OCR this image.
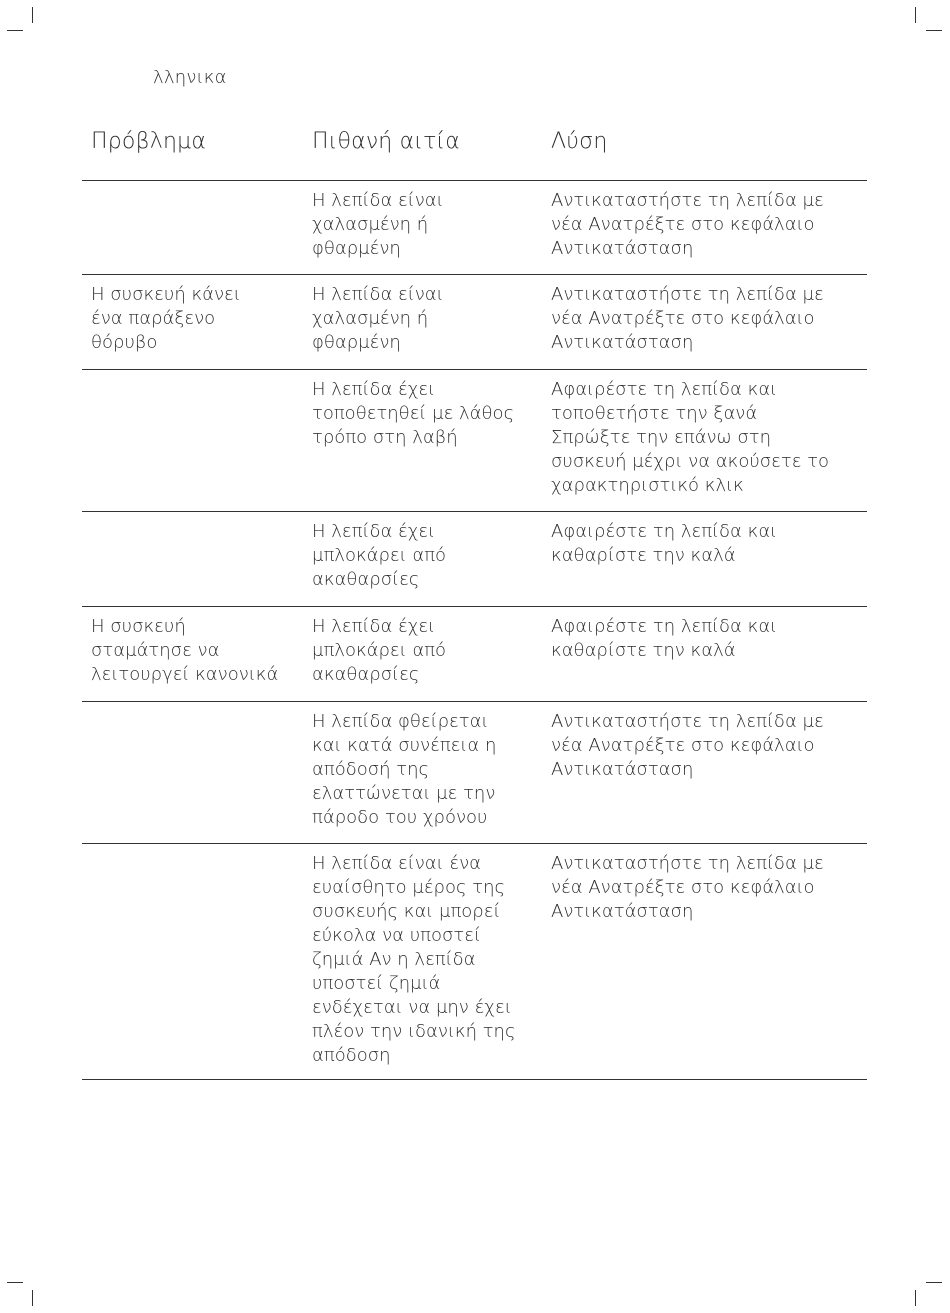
λληνικα
Πρόβλημα	Πιθανή αιτία	Λύση
Η λεπίδα είναι
χαλασμένη ή
φθαρμένη
Αντικαταστήστε τη λεπίδα με
νέα Ανατρέξτε στο κεφάλαιο
Αντικατάσταση
Η συσκευή κάνει
ένα παράξενο
θόρυβο
Η λεπίδα είναι
χαλασμένη ή
φθαρμένη
Αντικαταστήστε τη λεπίδα με
νέα Ανατρέξτε στο κεφάλαιο
Αντικατάσταση
Η λεπίδα έχει
τοποθετηθεί με λάθος
τρόπο στη λαβή
Αφαιρέστε τη λεπίδα και
τοποθετήστε την ξανά
Σπρώξτε την επάνω στη
συσκευή μέχρι να ακούσετε το
χαρακτηριστικό κλικ
Η λεπίδα έχει
μπλοκάρει από
ακαθαρσίες
Αφαιρέστε τη λεπίδα και
καθαρίστε την καλά
Η συσκευή
σταμάτησε να
λειτουργεί κανονικά
Η λεπίδα έχει
μπλοκάρει από
ακαθαρσίες
Αφαιρέστε τη λεπίδα και
καθαρίστε την καλά
Η λεπίδα φθείρεται
και κατά συνέπεια η
απόδοσή της
ελαττώνεται με την
πάροδο του χρόνου
Αντικαταστήστε τη λεπίδα με
νέα Ανατρέξτε στο κεφάλαιο
Αντικατάσταση
Η λεπίδα είναι ένα
ευαίσθητο μέρος της
συσκευής και μπορεί
εύκολα να υποστεί
ζημιά Αν η λεπίδα
υποστεί ζημιά
ενδέχεται να μην έχει
πλέον την ιδανική της
απόδοση
Αντικαταστήστε τη λεπίδα με
νέα Ανατρέξτε στο κεφάλαιο
Αντικατάσταση
